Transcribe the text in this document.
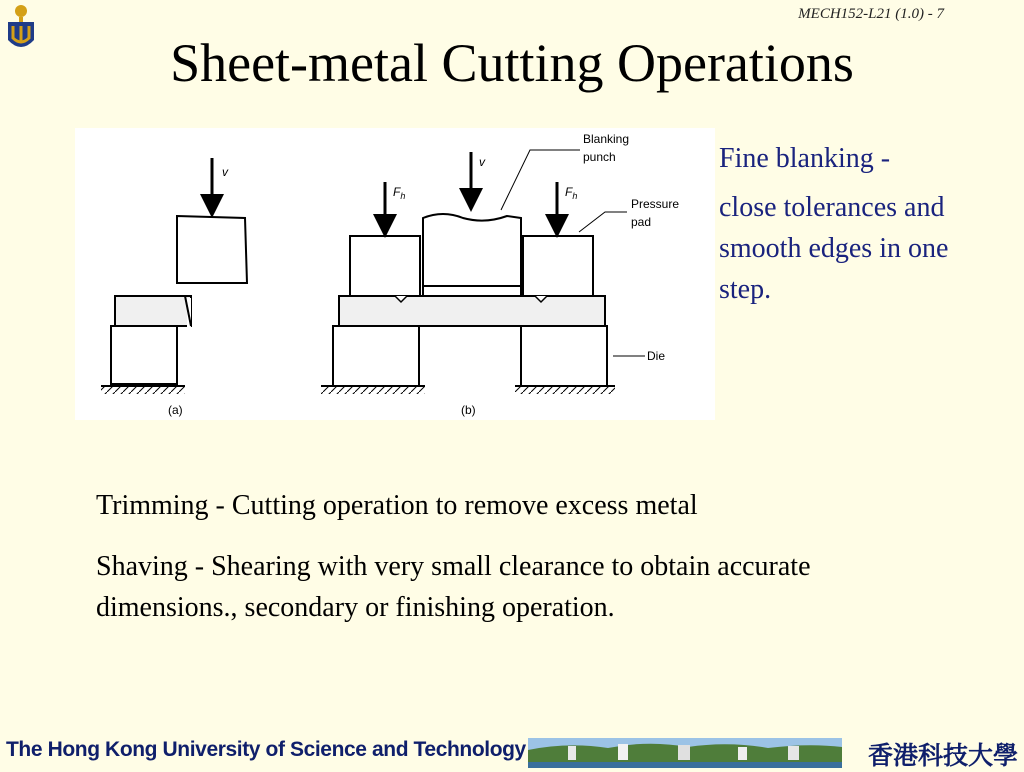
MECH152-L21 (1.0) - 7
Sheet-metal Cutting Operations
v
(a)
v
$F_h$	$F_h$
Blanking
punch
Pressure
pad
Die
(b)

Fine blanking -

close tolerances and smooth edges in one step.

Trimming - Cutting operation to remove excess metal

Shaving - Shearing with very small clearance to obtain accurate dimensions., secondary or finishing operation.

The Hong Kong University of Science and Technology	香港科技大學
